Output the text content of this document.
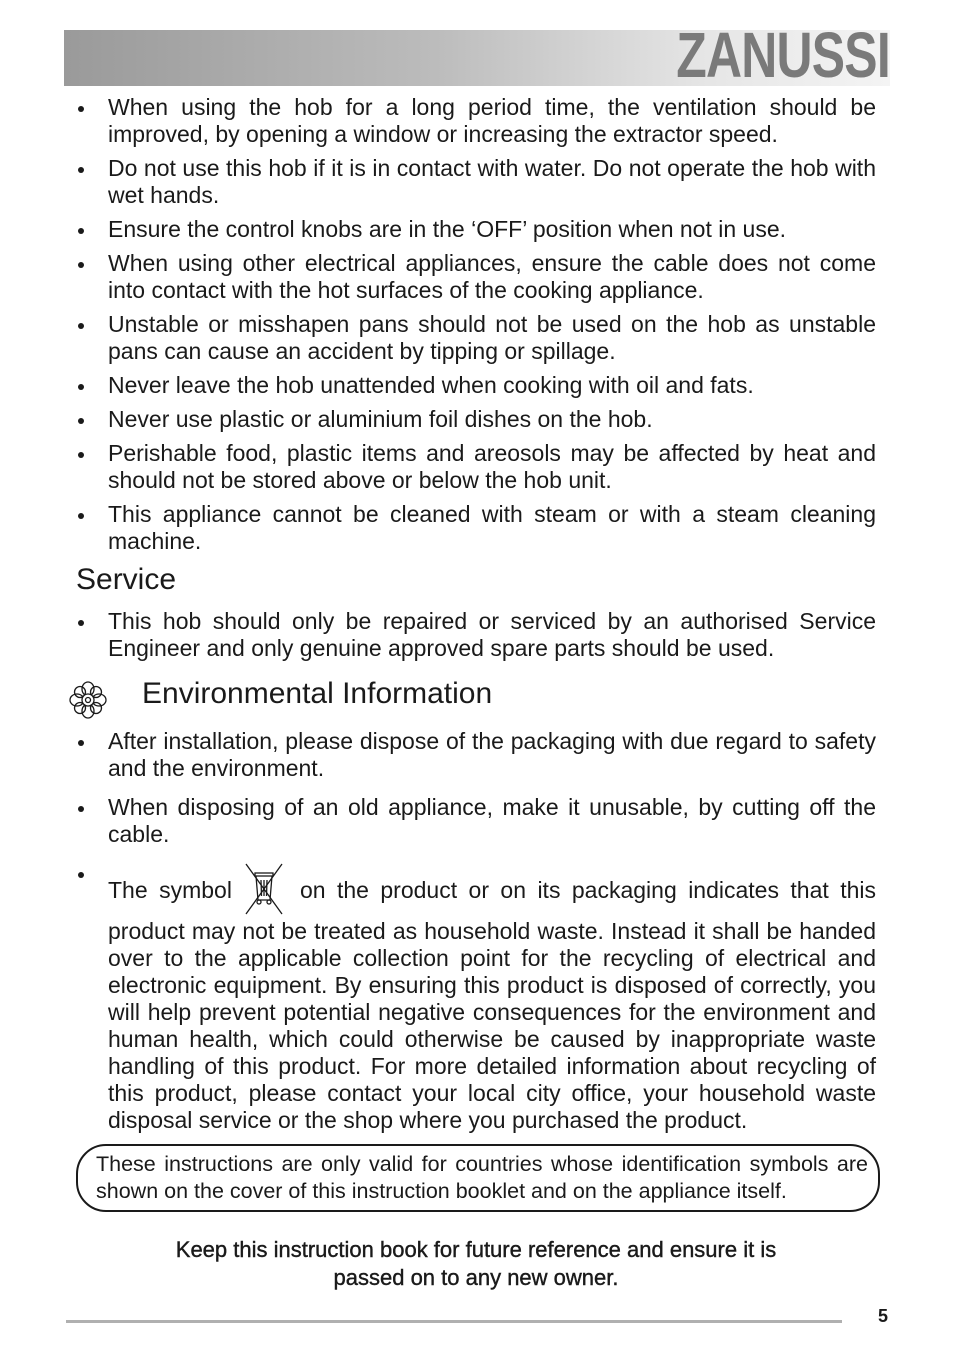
ZANUSSI
When using the hob for a long period time, the ventilation should be improved, by opening a window or increasing the extractor speed.
Do not use this hob if it is in contact with water. Do not operate the hob with wet hands.
Ensure the control knobs are in the ‘OFF’ position when not in use.
When using other electrical appliances, ensure the cable does not come into contact with the hot surfaces of the cooking appliance.
Unstable or misshapen pans should not be used on the hob as unstable pans can cause an accident by tipping or spillage.
Never leave the hob unattended when cooking with oil and fats.
Never use plastic or aluminium foil dishes on the hob.
Perishable food, plastic items and areosols may be affected by heat and should not be stored above or below the hob unit.
This appliance cannot be cleaned with steam or with a steam cleaning machine.
Service
This hob should only be repaired or serviced by an authorised Service Engineer and only genuine approved spare parts should be used.
Environmental Information
After installation, please dispose of the packaging with due regard to safety and the environment.
When disposing of an old appliance, make it unusable, by cutting off the cable.
The symbol	on the product or on its packaging indicates that this product may not be treated as household waste. Instead it shall be handed over to the applicable collection point for the recycling of electrical and electronic equipment. By ensuring this product is disposed of correctly, you will help prevent potential negative consequences for the environment and human health, which could otherwise be caused by inappropriate waste handling of this product. For more detailed information about recycling of this product, please contact your local city office, your household waste disposal service or the shop where you purchased the product.
These instructions are only valid for countries whose identification symbols are shown on the cover of this instruction booklet and on the appliance itself.
Keep this instruction book for future reference and ensure it is
passed on to any new owner.
5
